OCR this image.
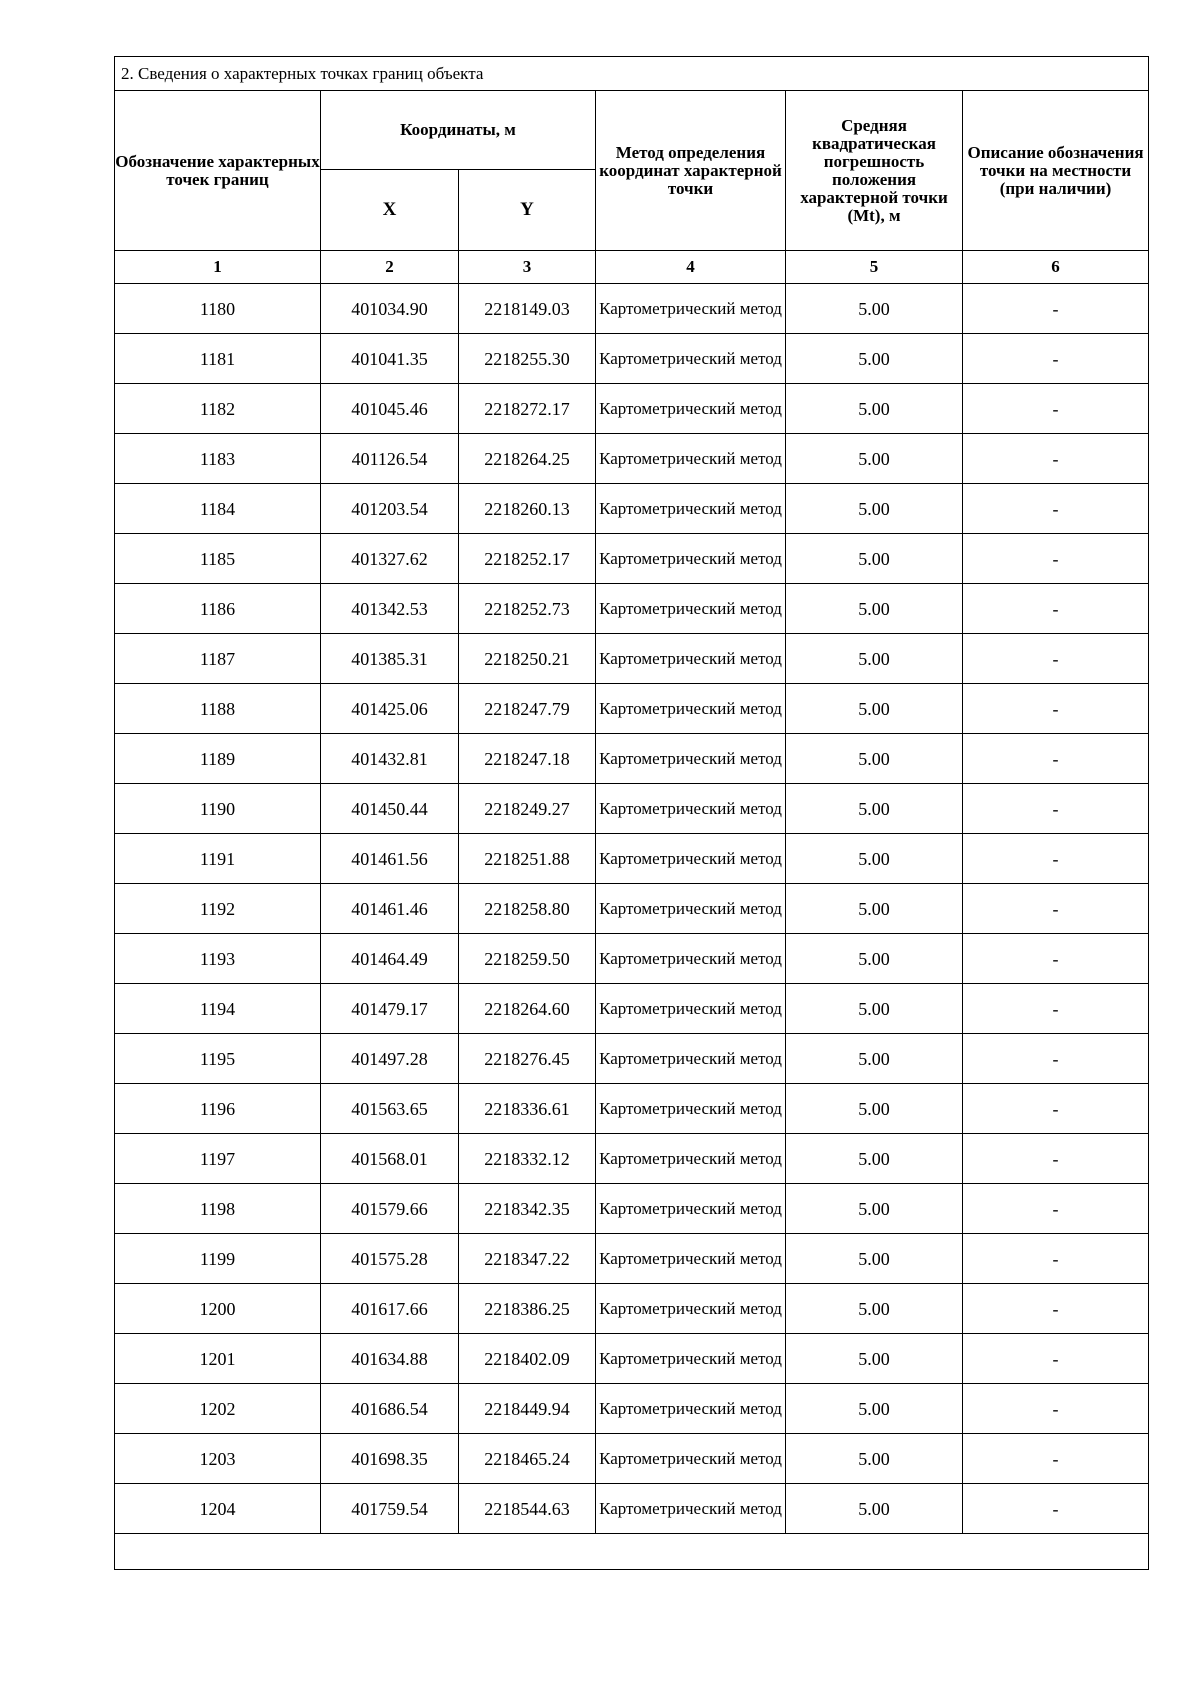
2. Сведения о характерных точках границ объекта					
Обозначение характерных точек границ	Координаты, м		Метод определения координат характерной точки	Средняя квадратическая погрешность положения характерной точки (Mt), м	Описание обозначения точки на местности (при наличии)
	X	Y			
1	2	3	4	5	6
1180	401034.90	2218149.03	Картометрический метод	5.00	-
1181	401041.35	2218255.30	Картометрический метод	5.00	-
1182	401045.46	2218272.17	Картометрический метод	5.00	-
1183	401126.54	2218264.25	Картометрический метод	5.00	-
1184	401203.54	2218260.13	Картометрический метод	5.00	-
1185	401327.62	2218252.17	Картометрический метод	5.00	-
1186	401342.53	2218252.73	Картометрический метод	5.00	-
1187	401385.31	2218250.21	Картометрический метод	5.00	-
1188	401425.06	2218247.79	Картометрический метод	5.00	-
1189	401432.81	2218247.18	Картометрический метод	5.00	-
1190	401450.44	2218249.27	Картометрический метод	5.00	-
1191	401461.56	2218251.88	Картометрический метод	5.00	-
1192	401461.46	2218258.80	Картометрический метод	5.00	-
1193	401464.49	2218259.50	Картометрический метод	5.00	-
1194	401479.17	2218264.60	Картометрический метод	5.00	-
1195	401497.28	2218276.45	Картометрический метод	5.00	-
1196	401563.65	2218336.61	Картометрический метод	5.00	-
1197	401568.01	2218332.12	Картометрический метод	5.00	-
1198	401579.66	2218342.35	Картометрический метод	5.00	-
1199	401575.28	2218347.22	Картометрический метод	5.00	-
1200	401617.66	2218386.25	Картометрический метод	5.00	-
1201	401634.88	2218402.09	Картометрический метод	5.00	-
1202	401686.54	2218449.94	Картометрический метод	5.00	-
1203	401698.35	2218465.24	Картометрический метод	5.00	-
1204	401759.54	2218544.63	Картометрический метод	5.00	-
